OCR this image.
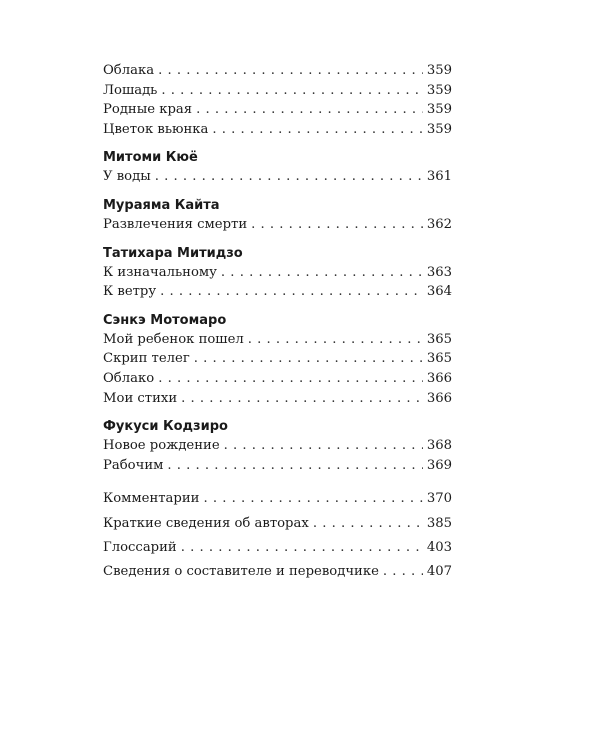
Облака . . .	359
Лошадь . . .	359
Родные края . . .	359
Цветок вьюнка . . .	359
Митоми Кюё
У воды . . .	361
Мураяма Кайта
Развлечения смерти . . .	362
Татихара Митидзо
К изначальному . . .	363
К ветру . . .	364
Сэнкэ Мотомаро
Мой ребенок пошел . . .	365
Скрип телег . . .	365
Облако . . .	366
Мои стихи . . .	366
Фукуси Кодзиро
Новое рождение . . .	368
Рабочим . . .	369
Комментарии . . .	370
Краткие сведения об авторах . . .	385
Глоссарий . . .	403
Сведения о составителе и переводчике . . .	407
